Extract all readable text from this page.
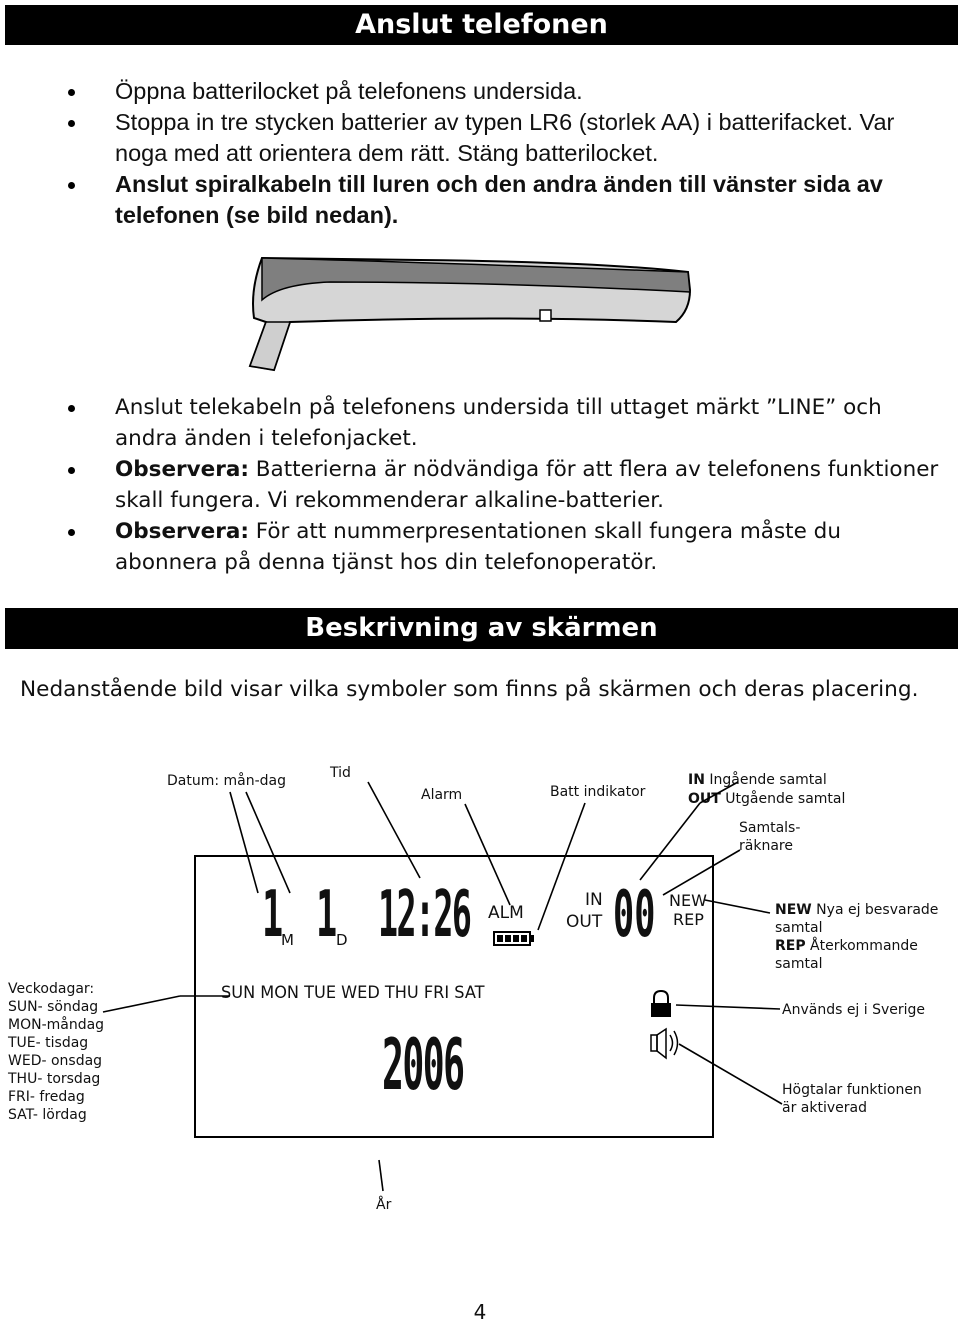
Anslut telefonen
Öppna batterilocket på telefonens undersida.
Stoppa in tre stycken batterier av typen LR6 (storlek AA) i batterifacket. Var noga med att orientera dem rätt. Stäng batterilocket.
Anslut spiralkabeln till luren och den andra änden till vänster sida av telefonen (se bild nedan).
Anslut telekabeln på telefonens undersida till uttaget märkt ”LINE” och andra änden i telefonjacket.
Observera: Batterierna är nödvändiga för att flera av telefonens funktioner skall fungera. Vi rekommenderar alkaline-batterier.
Observera: För att nummerpresentationen skall fungera måste du abonnera på denna tjänst hos din telefonoperatör.
Beskrivning av skärmen
Nedanstående bild visar vilka symboler som finns på skärmen och deras placering.
Datum: mån-dag	Tid
Alarm	Batt indikator
IN Ingående samtal
OUT Utgående samtal
Samtals-
räknare
NEW Nya ej besvarade
samtal
REP Återkommande
samtal
Används ej i Sverige
Högtalar funktionen
är aktiverad
År
Veckodagar:
SUN- söndag
MON-måndag
TUE- tisdag
WED- onsdag
THU- torsdag
FRI- fredag
SAT- lördag
1
M 1
D 12:26 ALM
IN
OUT 00 NEW
REP
SUN MON TUE WED THU FRI SAT
2006
4
